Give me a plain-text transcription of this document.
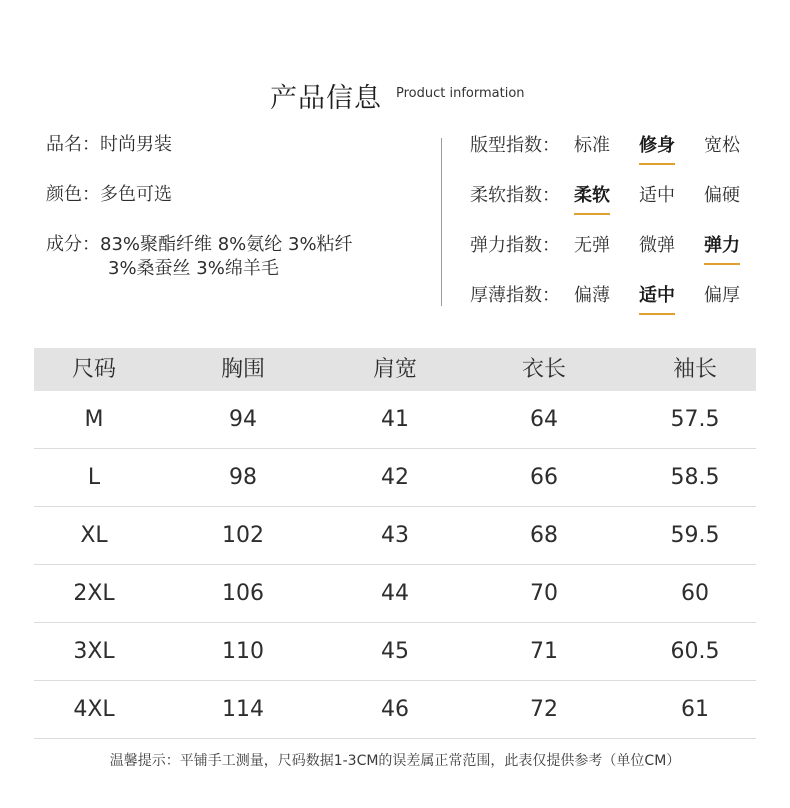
产品信息 Product information
品名：时尚男装
颜色：多色可选
成分：83%聚酯纤维 8%氨纶 3%粘纤
3%桑蚕丝 3%绵羊毛
版型指数： 标准 修身 宽松
柔软指数： 柔软 适中 偏硬
弹力指数： 无弹 微弹 弹力
厚薄指数： 偏薄 适中 偏厚
尺码	胸围	肩宽	衣长	袖长
M	94	41	64	57.5
L	98	42	66	58.5
XL	102	43	68	59.5
2XL	106	44	70	60
3XL	110	45	71	60.5
4XL	114	46	72	61
温馨提示：平铺手工测量，尺码数据1-3CM的误差属正常范围，此表仅提供参考（单位CM）
